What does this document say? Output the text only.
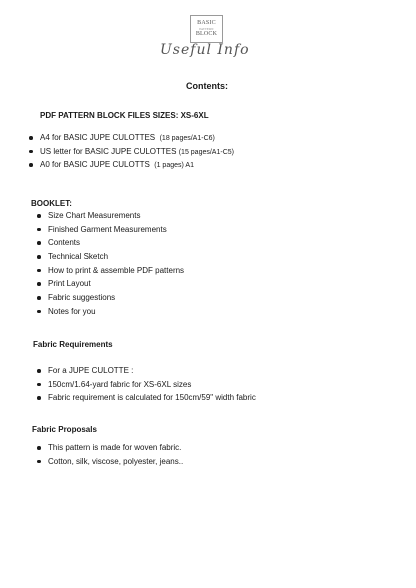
BASIC
PATTERN
BLOCK
Useful Info
Contents:
PDF PATTERN BLOCK FILES SIZES: XS-6XL
A4 for BASIC JUPE CULOTTES (18 pages/A1-C6)
US letter for BASIC JUPE CULOTTES (15 pages/A1-C5)
A0 for BASIC JUPE CULOTTS (1 pages) A1
BOOKLET:
Size Chart Measurements
Finished Garment Measurements
Contents
Technical Sketch
How to print & assemble PDF patterns
Print Layout
Fabric suggestions
Notes for you
Fabric Requirements
For a JUPE CULOTTE :
150cm/1.64-yard fabric for XS-6XL sizes
Fabric requirement is calculated for 150cm/59" width fabric
Fabric Proposals
This pattern is made for woven fabric.
Cotton, silk, viscose, polyester, jeans..
